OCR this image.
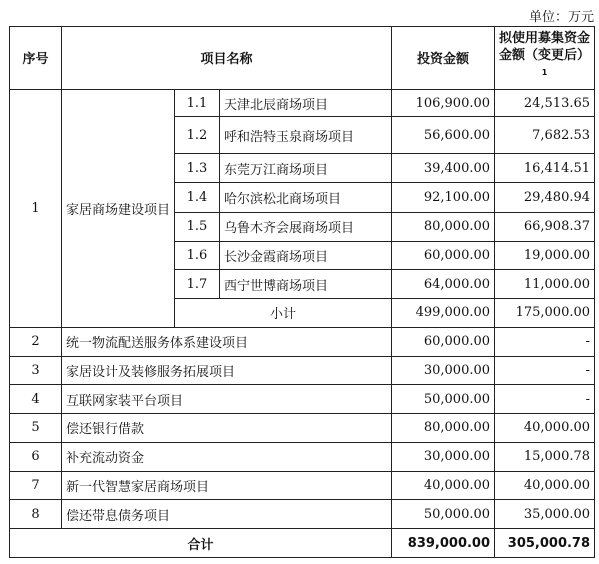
单位：万元
序号	项目名称			投资金额	拟使用募集资金金额（变更后）$^1$
1	家居商场建设项目	1.1	天津北辰商场项目	106,900.00	24,513.65
		1.2	呼和浩特玉泉商场项目	56,600.00	7,682.53
		1.3	东莞万江商场项目	39,400.00	16,414.51
		1.4	哈尔滨松北商场项目	92,100.00	29,480.94
		1.5	乌鲁木齐会展商场项目	80,000.00	66,908.37
		1.6	长沙金霞商场项目	60,000.00	19,000.00
		1.7	西宁世博商场项目	64,000.00	11,000.00
		小计		499,000.00	175,000.00
2	统一物流配送服务体系建设项目			60,000.00	-
3	家居设计及装修服务拓展项目			30,000.00	-
4	互联网家装平台项目			50,000.00	-
5	偿还银行借款			80,000.00	40,000.00
6	补充流动资金			30,000.00	15,000.78
7	新一代智慧家居商场项目			40,000.00	40,000.00
8	偿还带息债务项目			50,000.00	35,000.00
合计				839,000.00	305,000.78
